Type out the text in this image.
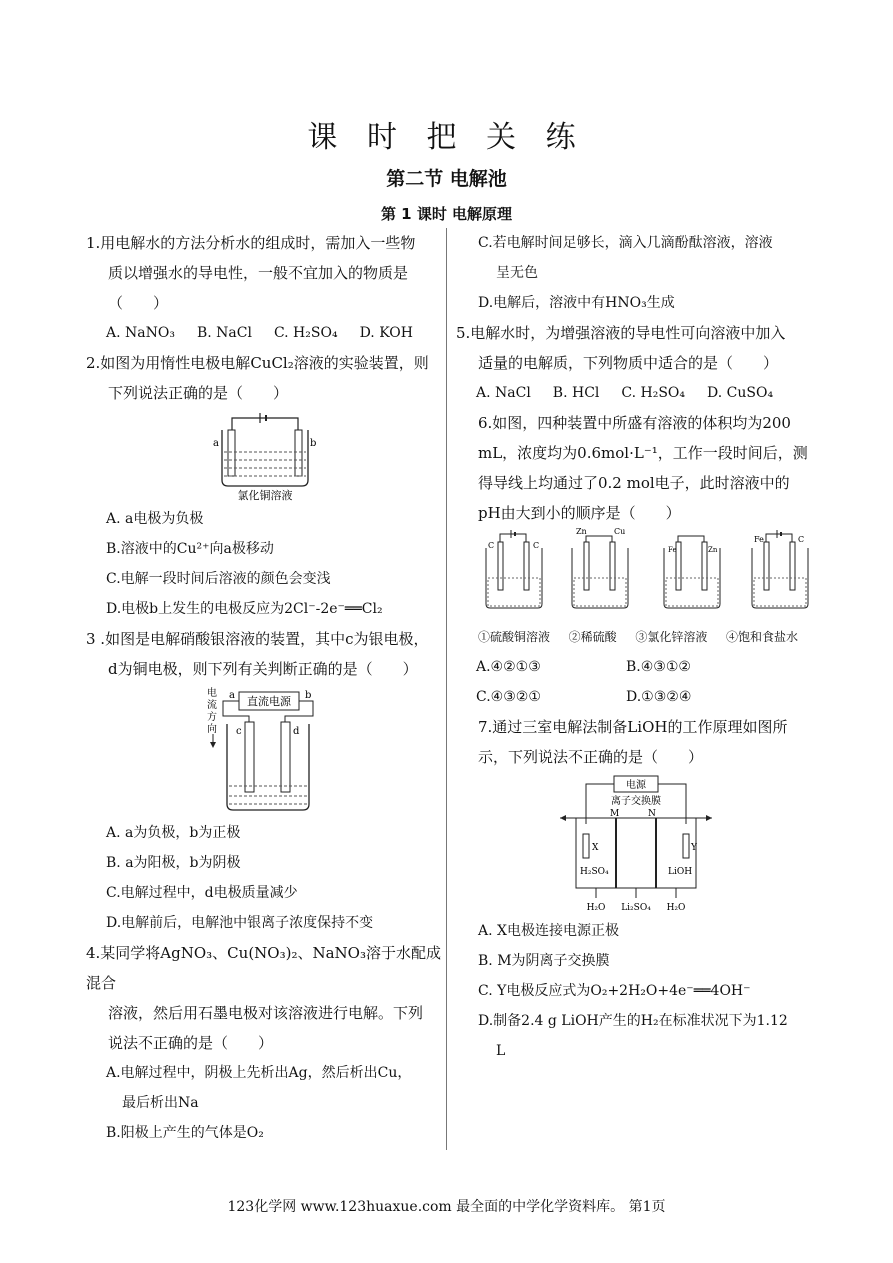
课 时 把 关 练
第二节 电解池
第 1 课时 电解原理
1.用电解水的方法分析水的组成时，需加入一些物
质以增强水的导电性，一般不宜加入的物质是
（　　）
A. NaNO₃ B. NaCl C. H₂SO₄ D. KOH
2.如图为用惰性电极电解CuCl₂溶液的实验装置，则
下列说法正确的是（　　）
a	b
氯化铜溶液
A. a电极为负极
B.溶液中的Cu²⁺向a极移动
C.电解一段时间后溶液的颜色会变浅
D.电极b上发生的电极反应为2Cl⁻-2e⁻══Cl₂
3 .如图是电解硝酸银溶液的装置，其中c为银电极，
d为铜电极，则下列有关判断正确的是（　　）
电
流
方
向
直流电源
a	b
c	d
A. a为负极，b为正极
B. a为阳极，b为阴极
C.电解过程中，d电极质量减少
D.电解前后，电解池中银离子浓度保持不变
4.某同学将AgNO₃、Cu(NO₃)₂、NaNO₃溶于水配成混合
溶液，然后用石墨电极对该溶液进行电解。下列
说法不正确的是（　　）
A.电解过程中，阴极上先析出Ag，然后析出Cu，
最后析出Na
B.阳极上产生的气体是O₂
C.若电解时间足够长，滴入几滴酚酞溶液，溶液
呈无色
D.电解后，溶液中有HNO₃生成
5.电解水时，为增强溶液的导电性可向溶液中加入
适量的电解质，下列物质中适合的是（　　）
A. NaCl B. HCl C. H₂SO₄ D. CuSO₄
6.如图，四种装置中所盛有溶液的体积均为200
mL，浓度均为0.6mol·L⁻¹，工作一段时间后，测
得导线上均通过了0.2 mol电子，此时溶液中的
pH由大到小的顺序是（　　）
C	C
Zn	Cu
Fe	Zn
Fe	C
①硫酸铜溶液 ②稀硫酸 ③氯化锌溶液 ④饱和食盐水
A.④②①③	B.④③①②
C.④③②①	D.①③②④
7.通过三室电解法制备LiOH的工作原理如图所
示，下列说法不正确的是（　　）
电源
离子交换膜
M	N
X	Y
H₂SO₄	LiOH
H₂O Li₂SO₄ H₂O
A. X电极连接电源正极
B. M为阴离子交换膜
C. Y电极反应式为O₂+2H₂O+4e⁻══4OH⁻
D.制备2.4 g LiOH产生的H₂在标准状况下为1.12
L
123化学网 www.123huaxue.com 最全面的中学化学资料库。 第1页
